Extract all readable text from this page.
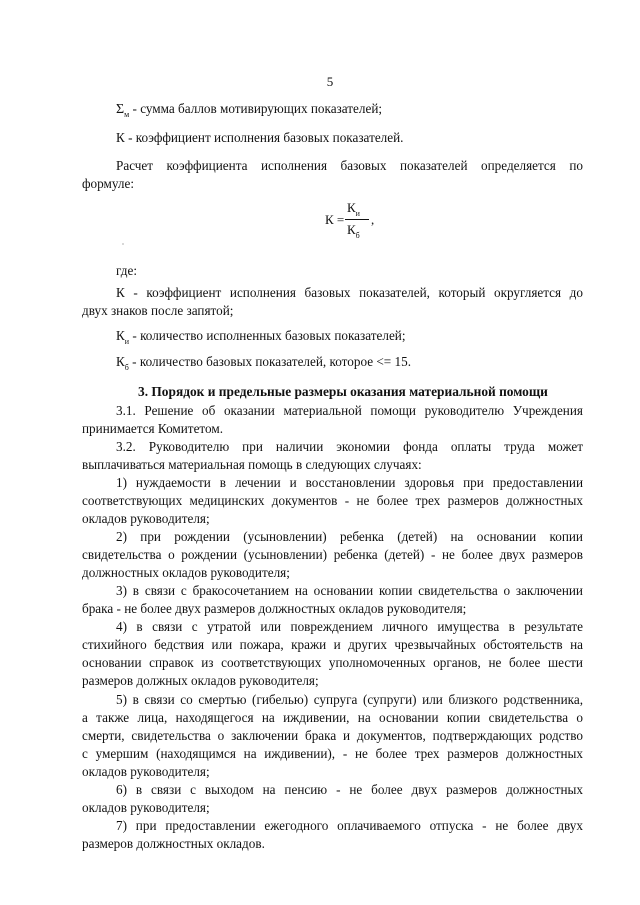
5
$\Sigma_м$ - сумма баллов мотивирующих показателей;
К - коэффициент исполнения базовых показателей.
Расчет коэффициента исполнения базовых показателей определяется по
формуле:
К =
$К_и$
$К_б$
,
где:
К - коэффициент исполнения базовых показателей, который округляется до
двух знаков после запятой;
$К_и$ - количество исполненных базовых показателей;
$К_б$ - количество базовых показателей, которое <= 15.
3. Порядок и предельные размеры оказания материальной помощи
3.1. Решение об оказании материальной помощи руководителю Учреждения
принимается Комитетом.
3.2. Руководителю при наличии экономии фонда оплаты труда может
выплачиваться материальная помощь в следующих случаях:
1) нуждаемости в лечении и восстановлении здоровья при предоставлении
соответствующих медицинских документов - не более трех размеров должностных
окладов руководителя;
2) при рождении (усыновлении) ребенка (детей) на основании копии
свидетельства о рождении (усыновлении) ребенка (детей) - не более двух размеров
должностных окладов руководителя;
3) в связи с бракосочетанием на основании копии свидетельства о заключении
брака - не более двух размеров должностных окладов руководителя;
4) в связи с утратой или повреждением личного имущества в результате
стихийного бедствия или пожара, кражи и других чрезвычайных обстоятельств на
основании справок из соответствующих уполномоченных органов, не более шести
размеров должных окладов руководителя;
5) в связи со смертью (гибелью) супруга (супруги) или близкого родственника,
а также лица, находящегося на иждивении, на основании копии свидетельства о
смерти, свидетельства о заключении брака и документов, подтверждающих родство
с умершим (находящимся на иждивении), - не более трех размеров должностных
окладов руководителя;
6) в связи с выходом на пенсию - не более двух размеров должностных
окладов руководителя;
7) при предоставлении ежегодного оплачиваемого отпуска - не более двух
размеров должностных окладов.
